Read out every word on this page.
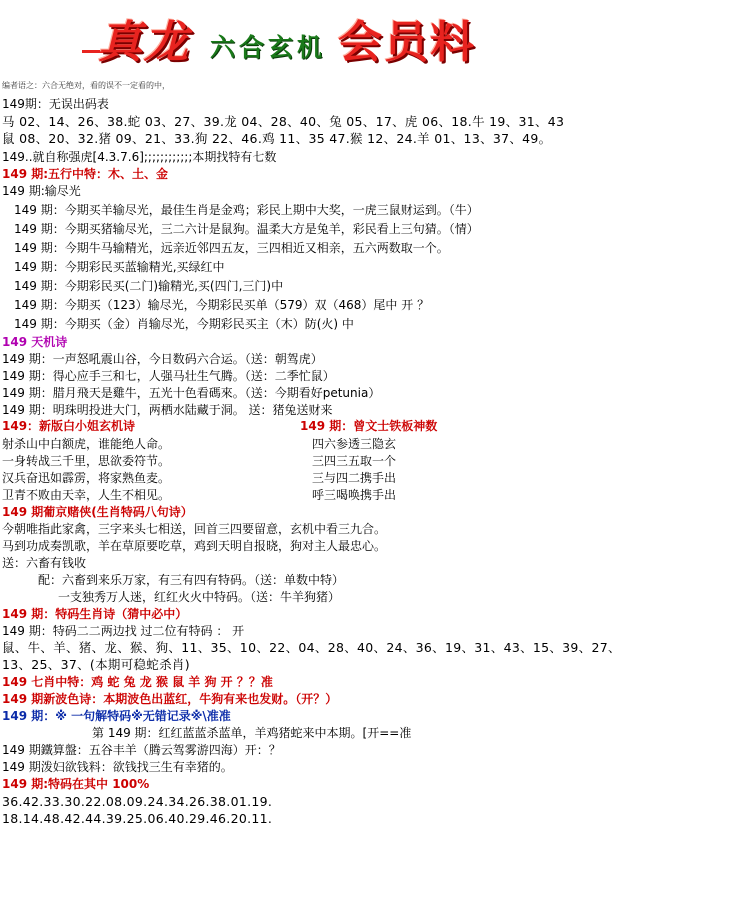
真龙 六合玄机 会员料
编者语之：六合无绝对，看的误不一定看的中，
149期：无误出码表
马 02、14、26、38.蛇 03、27、39.龙 04、28、40、兔 05、17、虎 06、18.牛 19、31、43
鼠 08、20、32.猪 09、21、33.狗 22、46.鸡 11、35 47.猴 12、24.羊 01、13、37、49。
149..就自称强虎[4.3.7.6];;;;;;;;;;;;本期找特有七数
149 期:五行中特：木、土、金
149 期:输尽光
149 期：今期买羊输尽光，最佳生肖是金鸡；彩民上期中大奖，一虎三鼠财运到。（牛）
149 期：今期买猪输尽光，三二六计是鼠狗。温柔大方是兔羊，彩民看上三句猜。（情）
149 期：今期牛马输精光，远亲近邻四五友，三四相近又相亲，五六两数取一个。
149 期：今期彩民买蓝输精光,买绿红中
149 期：今期彩民买(二门)输精光,买(四门,三门)中
149 期：今期买（123）输尽光，今期彩民买单（579）双（468）尾中 开 ？
149 期：今期买（金）肖输尽光，今期彩民买主（木）防(火) 中
149 天机诗
149 期：一声怒吼震山谷，今日数码六合运。（送：朝驾虎）
149 期：得心应手三和七，人强马壮生气腾。（送：二季忙鼠）
149 期：腊月飛天是雞牛，五光十色看碼來。（送：今期看好petunia）
149 期：明珠明投进大门，两栖水陆藏于洞。 送：猪兔送财来
149：新版白小姐玄机诗	149 期：曾文士铁板神数
射杀山中白额虎，谁能绝人命。	四六参透三隐玄
一身转战三千里，思欲委符节。	三四三五取一个
汉兵奋迅如霹雳，将家熟鱼麦。	三与四二携手出
卫青不败由天幸，人生不相见。	呼三喝唤携手出
149 期葡京赌侠(生肖特码八句诗）
今朝唯指此家禽，三字来头七相送，回首三四要留意，玄机中看三九合。
马到功成奏凯歌，羊在草原要吃草，鸡到天明自报晓，狗对主人最忠心。
送：六畜有钱收
配：六畜到来乐万家，有三有四有特码。（送：单数中特）
一支独秀万人迷，红红火火中特码。（送：牛羊狗猪）
149 期：特码生肖诗（猜中必中）
149 期：特码二二两边找 过二位有特码 ： 开
鼠、牛、羊、猪、龙、猴、狗、11、35、10、22、04、28、40、24、36、19、31、43、15、39、27、
13、25、37、(本期可稳蛇杀肖)
149 七肖中特：鸡 蛇 兔 龙 猴 鼠 羊 狗 开 ？？准
149 期新波色诗：本期波色出蓝红，牛狗有来也发财。（开？）
149 期：※ 一句解特码※无错记录※\准准
第 149 期：红红蓝蓝杀蓝单，羊鸡猪蛇来中本期。[开==准
149 期鐵算盤：五谷丰羊（腾云驾雾游四海）开：？
149 期泼妇欲钱料：欲钱找三生有幸猪的。
149 期:特码在其中 100%
36.42.33.30.22.08.09.24.34.26.38.01.19.
18.14.48.42.44.39.25.06.40.29.46.20.11.
